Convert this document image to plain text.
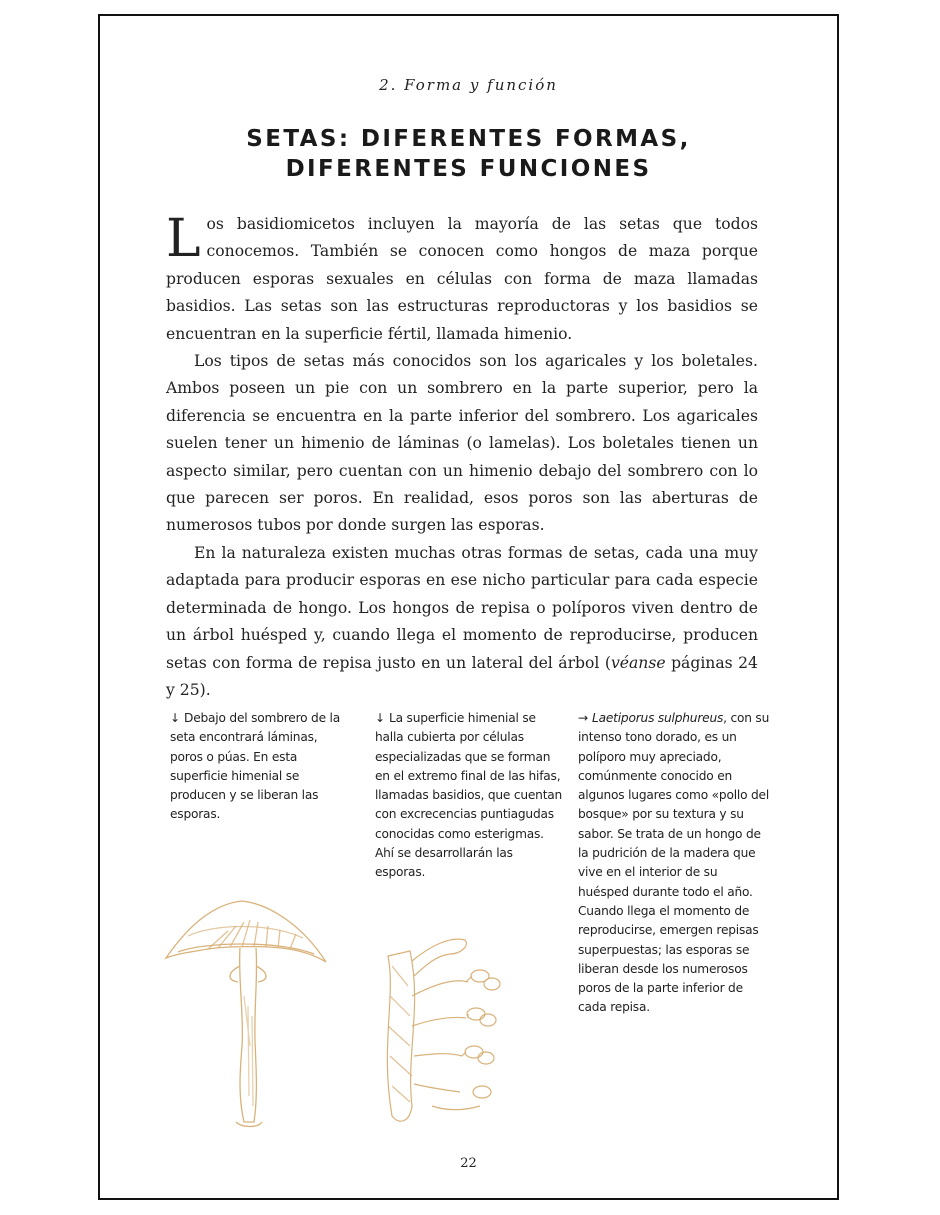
2. Forma y función
SETAS: DIFERENTES FORMAS,
DIFERENTES FUNCIONES

Los basidiomicetos incluyen la mayoría de las setas que todos conocemos. También se conocen como hongos de maza porque producen esporas sexuales en células con forma de maza llamadas basidios. Las setas son las estructuras reproductoras y los basidios se encuentran en la superficie fértil, llamada himenio.

Los tipos de setas más conocidos son los agaricales y los boletales. Ambos poseen un pie con un sombrero en la parte superior, pero la diferencia se encuentra en la parte inferior del sombrero. Los agaricales suelen tener un himenio de láminas (o lamelas). Los boletales tienen un aspecto similar, pero cuentan con un himenio debajo del sombrero con lo que parecen ser poros. En realidad, esos poros son las aberturas de numerosos tubos por donde surgen las esporas.

En la naturaleza existen muchas otras formas de setas, cada una muy adaptada para producir esporas en ese nicho particular para cada especie determinada de hongo. Los hongos de repisa o políporos viven dentro de un árbol huésped y, cuando llega el momento de reproducirse, producen setas con forma de repisa justo en un lateral del árbol (véanse páginas 24 y 25).

↓ Debajo del sombrero de la seta encontrará láminas, poros o púas. En esta superficie himenial se producen y se liberan las esporas.
↓ La superficie himenial se halla cubierta por células especializadas que se forman en el extremo final de las hifas, llamadas basidios, que cuentan con excrecencias puntiagudas conocidas como esterigmas. Ahí se desarrollarán las esporas.
→ Laetiporus sulphureus, con su intenso tono dorado, es un políporo muy apreciado, comúnmente conocido en algunos lugares como «pollo del bosque» por su textura y su sabor. Se trata de un hongo de la pudrición de la madera que vive en el interior de su huésped durante todo el año. Cuando llega el momento de reproducirse, emergen repisas superpuestas; las esporas se liberan desde los numerosos poros de la parte inferior de cada repisa.
22
